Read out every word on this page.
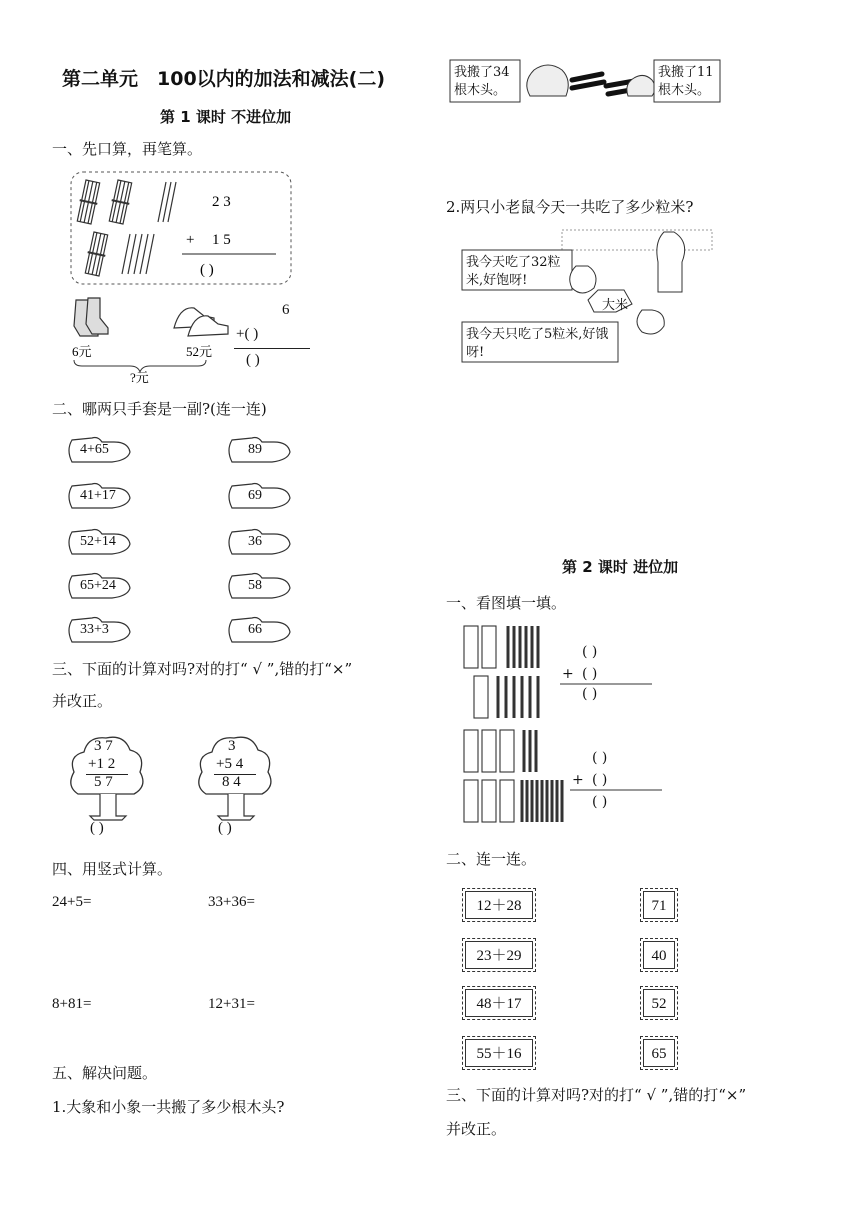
第二单元　100以内的加法和减法(二)
第 1 课时 不进位加
一、先口算，再笔算。
2 3
+ 1 5
( )
6元	52元
?元
6
+( )
( )
二、哪两只手套是一副?(连一连)
4+65
41+17
52+14
65+24
33+3
89
69
36
58
66
三、下面的计算对吗?对的打“ √ ”,错的打“×”
并改正。
3 7
+1 2
5 7
( )
3
+5 4
8 4
( )
四、用竖式计算。
24+5=	33+36=
8+81=	12+31=
五、解决问题。
1.大象和小象一共搬了多少根木头?
我搬了34根木头。
我搬了11根木头。
2.两只小老鼠今天一共吃了多少粒米?
我今天吃了32粒米,好饱呀!
大米
我今天只吃了5粒米,好饿呀!
第 2 课时 进位加
一、看图填一填。
( )
+ ( )
( )
( )
+ ( )
( )
二、连一连。
12＋28
23＋29
48＋17
55＋16
71
40
52
65
三、下面的计算对吗?对的打“ √ ”,错的打“×”
并改正。
